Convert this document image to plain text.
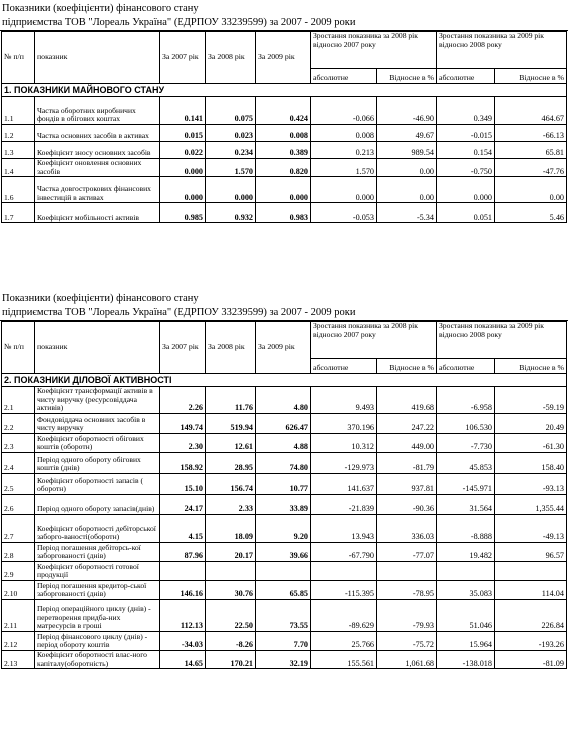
Показники (коефіцієнти) фінансового стану
підприємства ТОВ "Лореаль Україна" (ЕДРПОУ 33239599) за 2007 - 2009 роки
№ п/п	показник	За 2007 рік	За 2008 рік	За 2009 рік	Зростання показника за 2008 рік відносно 2007 року		Зростання показника за 2009 рік відносно 2008 року	
					абсолютне	Відносне в %	абсолютне	Відносне в %
1. ПОКАЗНИКИ МАЙНОВОГО СТАНУ								
1.1	Частка оборотних виробничих фондів в обігових коштах	0.141	0.075	0.424	-0.066	-46.90	0.349	464.67
1.2	Частка основних засобів в активах	0.015	0.023	0.008	0.008	49.67	-0.015	-66.13
1.3	Коефіцієнт зносу основних засобів	0.022	0.234	0.389	0.213	989.54	0.154	65.81
1.4	Коефіцієнт оновлення основних засобів	0.000	1.570	0.820	1.570	0.00	-0.750	-47.76
1.6	Частка довгострокових фінансових інвестицій в активах	0.000	0.000	0.000	0.000	0.00	0.000	0.00
1.7	Коефіцієнт мобільності активів	0.985	0.932	0.983	-0.053	-5.34	0.051	5.46
Показники (коефіцієнти) фінансового стану
підприємства ТОВ "Лореаль Україна" (ЕДРПОУ 33239599) за 2007 - 2009 роки
№ п/п	показник	За 2007 рік	За 2008 рік	За 2009 рік	Зростання показника за 2008 рік відносно 2007 року		Зростання показника за 2009 рік відносно 2008 року	
					абсолютне	Відносне в %	абсолютне	Відносне в %
2. ПОКАЗНИКИ ДІЛОВОЇ АКТИВНОСТІ								
2.1	Коефіцієнт трансформації активів в чисту виручку (ресурсовіддача активів)	2.26	11.76	4.80	9.493	419.68	-6.958	-59.19
2.2	Фондовіддача основних засобів в чисту виручку	149.74	519.94	626.47	370.196	247.22	106.530	20.49
2.3	Коефіцієнт оборотності обігових коштів (оборотн)	2.30	12.61	4.88	10.312	449.00	-7.730	-61.30
2.4	Період одного обороту обігових коштів (днів)	158.92	28.95	74.80	-129.973	-81.79	45.853	158.40
2.5	Коефіцієнт оборотності запасів ( оборотн)	15.10	156.74	10.77	141.637	937.81	-145.971	-93.13
2.6	Період одного обороту запасів(днів)	24.17	2.33	33.89	-21.839	-90.36	31.564	1,355.44
2.7	Коефіцієнт оборотності дебіторської заборго-ваності(оборотн)	4.15	18.09	9.20	13.943	336.03	-8.888	-49.13
2.8	Період погашення дебіторсь-кої заборгованості (днів)	87.96	20.17	39.66	-67.790	-77.07	19.482	96.57
2.9	Коефіцієнт оборотності готової продукції							
2.10	Період погашення кредитор-ської заборгованості (днів)	146.16	30.76	65.85	-115.395	-78.95	35.083	114.04
2.11	Період операційного циклу (днів) - перетворення придба-них матресурсів в гроші	112.13	22.50	73.55	-89.629	-79.93	51.046	226.84
2.12	Період фінансового циклу (днів) - період обороту коштів	-34.03	-8.26	7.70	25.766	-75.72	15.964	-193.26
2.13	Коефіцієнт оборотності влас-ного капіталу(оборотність)	14.65	170.21	32.19	155.561	1,061.68	-138.018	-81.09
